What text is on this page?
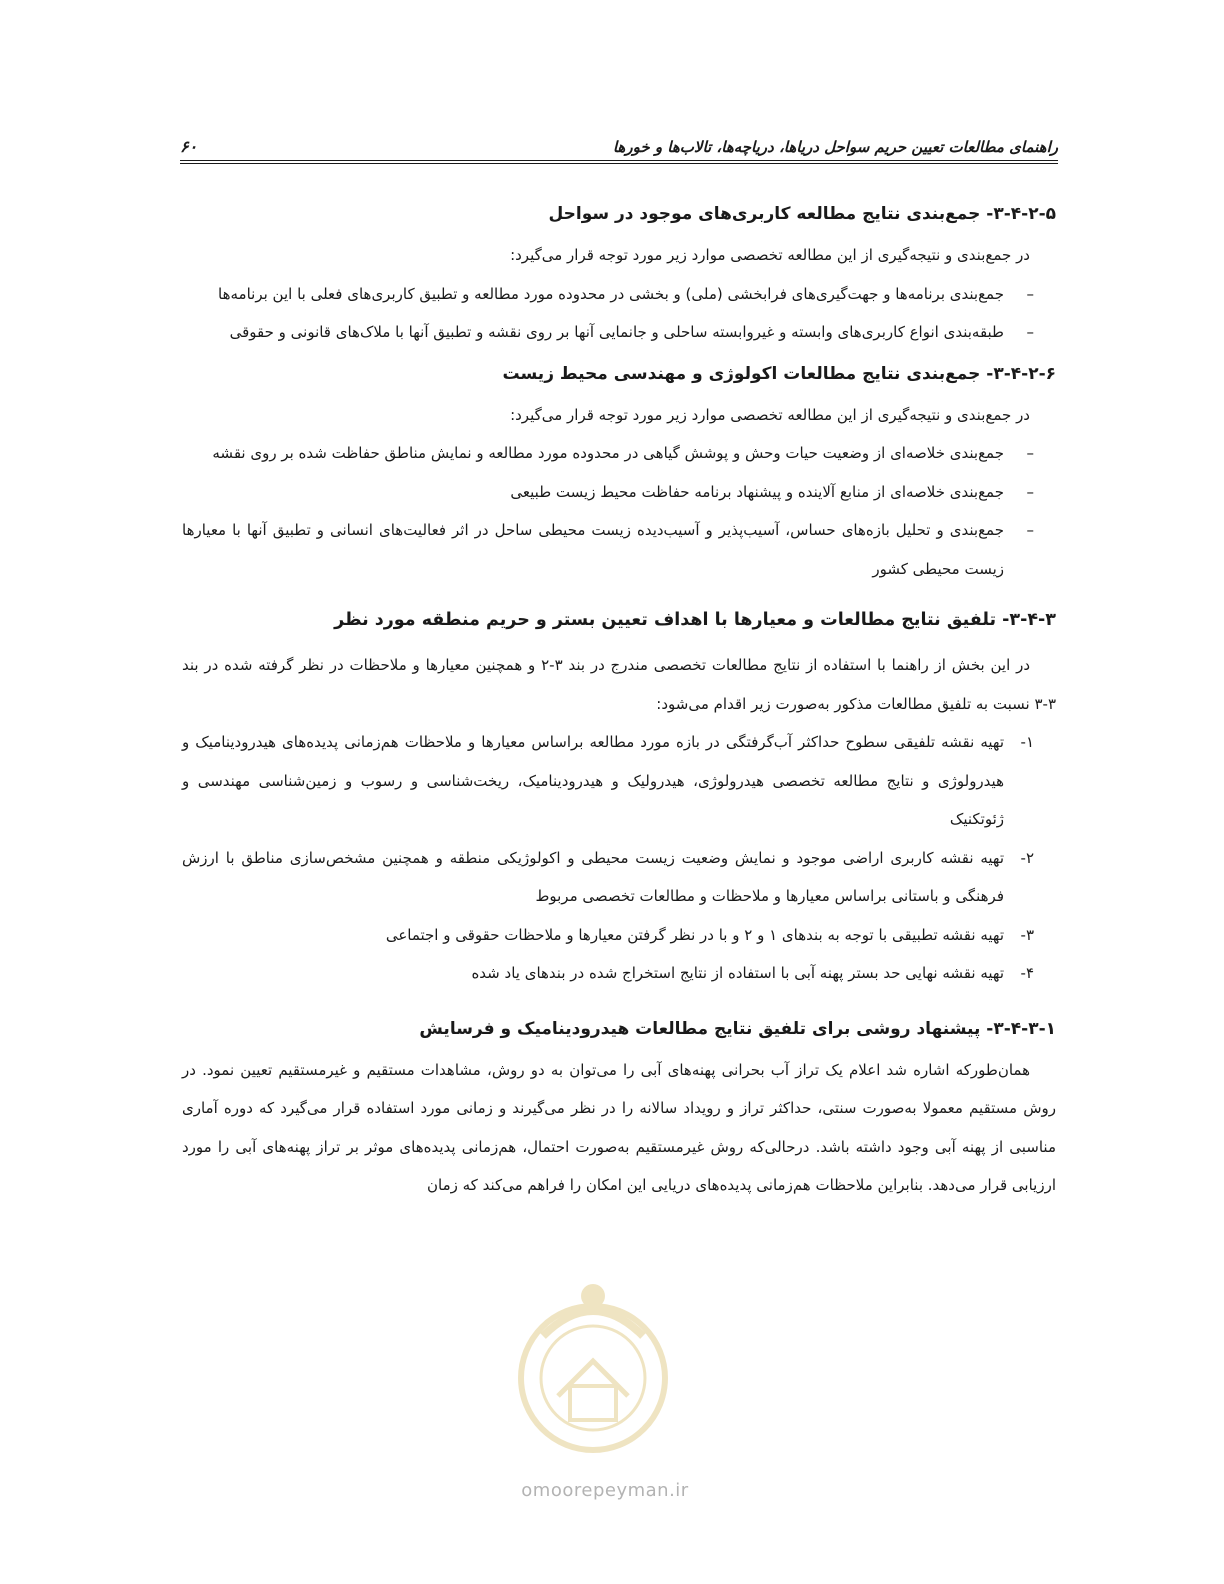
راهنمای مطالعات تعیین حریم سواحل دریاها، دریاچه‌ها، تالاب‌ها و خورها
۶۰
۳-۴-۲-۵- جمع‌بندی نتایج مطالعه کاربری‌های موجود در سواحل

در جمع‌بندی و نتیجه‌گیری از این مطالعه تخصصی موارد زیر مورد توجه قرار می‌گیرد:

–
جمع‌بندی برنامه‌ها و جهت‌گیری‌های فرابخشی (ملی) و بخشی در محدوده مورد مطالعه و تطبیق کاربری‌های فعلی با این برنامه‌ها
–
طبقه‌بندی انواع کاربری‌های وابسته و غیروابسته ساحلی و جانمایی آنها بر روی نقشه و تطبیق آنها با ملاک‌های قانونی و حقوقی
۳-۴-۲-۶- جمع‌بندی نتایج مطالعات اکولوژی و مهندسی محیط زیست

در جمع‌بندی و نتیجه‌گیری از این مطالعه تخصصی موارد زیر مورد توجه قرار می‌گیرد:

–
جمع‌بندی خلاصه‌ای از وضعیت حیات وحش و پوشش گیاهی در محدوده مورد مطالعه و نمایش مناطق حفاظت شده بر روی نقشه
–
جمع‌بندی خلاصه‌ای از منابع آلاینده و پیشنهاد برنامه حفاظت محیط زیست طبیعی
–
جمع‌بندی و تحلیل بازه‌های حساس، آسیب‌پذیر و آسیب‌دیده زیست محیطی ساحل در اثر فعالیت‌های انسانی و تطبیق آنها با معیارها زیست محیطی کشور
۳-۴-۳- تلفیق نتایج مطالعات و معیارها با اهداف تعیین بستر و حریم منطقه مورد نظر

در این بخش از راهنما با استفاده از نتایج مطالعات تخصصی مندرج در بند ۳-۲ و همچنین معیارها و ملاحظات در نظر گرفته شده در بند ۳-۳ نسبت به تلفیق مطالعات مذکور به‌صورت زیر اقدام می‌شود:

۱-
تهیه نقشه تلفیقی سطوح حداکثر آب‌گرفتگی در بازه مورد مطالعه براساس معیارها و ملاحظات هم‌زمانی پدیده‌های هیدرودینامیک و هیدرولوژی و نتایج مطالعه تخصصی هیدرولوژی، هیدرولیک و هیدرودینامیک، ریخت‌شناسی و رسوب و زمین‌شناسی مهندسی و ژئوتکنیک
۲-
تهیه نقشه کاربری اراضی موجود و نمایش وضعیت زیست محیطی و اکولوژیکی منطقه و همچنین مشخص‌سازی مناطق با ارزش فرهنگی و باستانی براساس معیارها و ملاحظات و مطالعات تخصصی مربوط
۳-
تهیه نقشه تطبیقی با توجه به بندهای ۱ و ۲ و با در نظر گرفتن معیارها و ملاحظات حقوقی و اجتماعی
۴-
تهیه نقشه نهایی حد بستر پهنه آبی با استفاده از نتایج استخراج شده در بندهای یاد شده
۳-۴-۳-۱- پیشنهاد روشی برای تلفیق نتایج مطالعات هیدرودینامیک و فرسایش

همان‌طورکه اشاره شد اعلام یک تراز آب بحرانی پهنه‌های آبی را می‌توان به دو روش، مشاهدات مستقیم و غیرمستقیم تعیین نمود. در روش مستقیم معمولا به‌صورت سنتی، حداکثر تراز و رویداد سالانه را در نظر می‌گیرند و زمانی مورد استفاده قرار می‌گیرد که دوره آماری مناسبی از پهنه آبی وجود داشته باشد. درحالی‌که روش غیرمستقیم به‌صورت احتمال، هم‌زمانی پدیده‌های موثر بر تراز پهنه‌های آبی را مورد ارزیابی قرار می‌دهد. بنابراین ملاحظات هم‌زمانی پدیده‌های دریایی این امکان را فراهم می‌کند که زمان

omoorepeyman.ir
